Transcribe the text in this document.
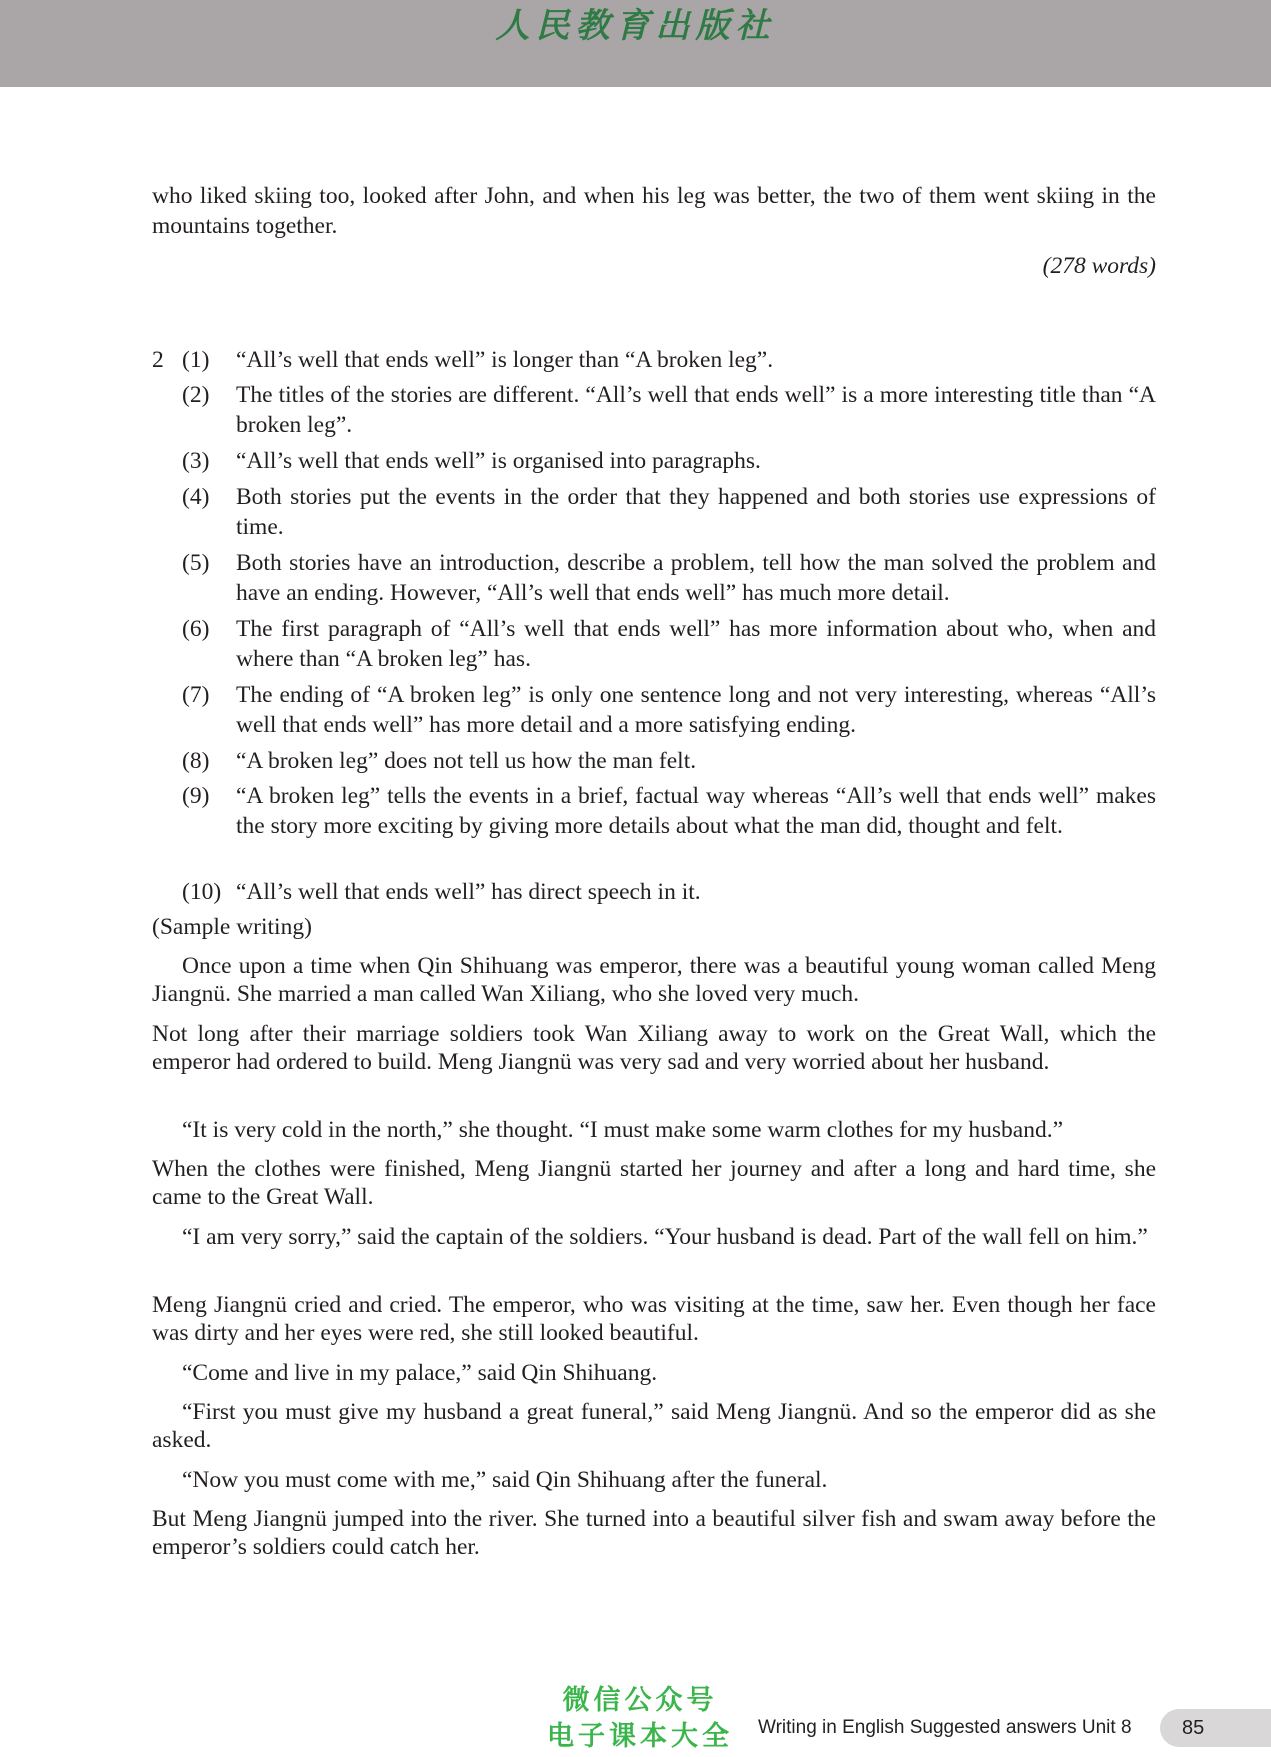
人民教育出版社
who liked skiing too, looked after John, and when his leg was better, the two of them went skiing in the mountains together.
(278 words)
2 (1) “All’s well that ends well” is longer than “A broken leg”.
(2) The titles of the stories are different. “All’s well that ends well” is a more interesting title than “A broken leg”.
(3) “All’s well that ends well” is organised into paragraphs.
(4) Both stories put the events in the order that they happened and both stories use expressions of time.
(5) Both stories have an introduction, describe a problem, tell how the man solved the problem and have an ending. However, “All’s well that ends well” has much more detail.
(6) The first paragraph of “All’s well that ends well” has more information about who, when and where than “A broken leg” has.
(7) The ending of “A broken leg” is only one sentence long and not very interesting, whereas “All’s well that ends well” has more detail and a more satisfying ending.
(8) “A broken leg” does not tell us how the man felt.
(9) “A broken leg” tells the events in a brief, factual way whereas “All’s well that ends well” makes the story more exciting by giving more details about what the man did, thought and felt.
(10) “All’s well that ends well” has direct speech in it.
(Sample writing)
Once upon a time when Qin Shihuang was emperor, there was a beautiful young woman called Meng Jiangnü. She married a man called Wan Xiliang, who she loved very much.
Not long after their marriage soldiers took Wan Xiliang away to work on the Great Wall, which the emperor had ordered to build. Meng Jiangnü was very sad and very worried about her husband.
“It is very cold in the north,” she thought. “I must make some warm clothes for my husband.”
When the clothes were finished, Meng Jiangnü started her journey and after a long and hard time, she came to the Great Wall.
“I am very sorry,” said the captain of the soldiers. “Your husband is dead. Part of the wall fell on him.”
Meng Jiangnü cried and cried. The emperor, who was visiting at the time, saw her. Even though her face was dirty and her eyes were red, she still looked beautiful.
“Come and live in my palace,” said Qin Shihuang.
“First you must give my husband a great funeral,” said Meng Jiangnü. And so the emperor did as she asked.
“Now you must come with me,” said Qin Shihuang after the funeral.
But Meng Jiangnü jumped into the river. She turned into a beautiful silver fish and swam away before the emperor’s soldiers could catch her.
微信公众号
电子课本大全	Writing in English Suggested answers Unit 8	85
